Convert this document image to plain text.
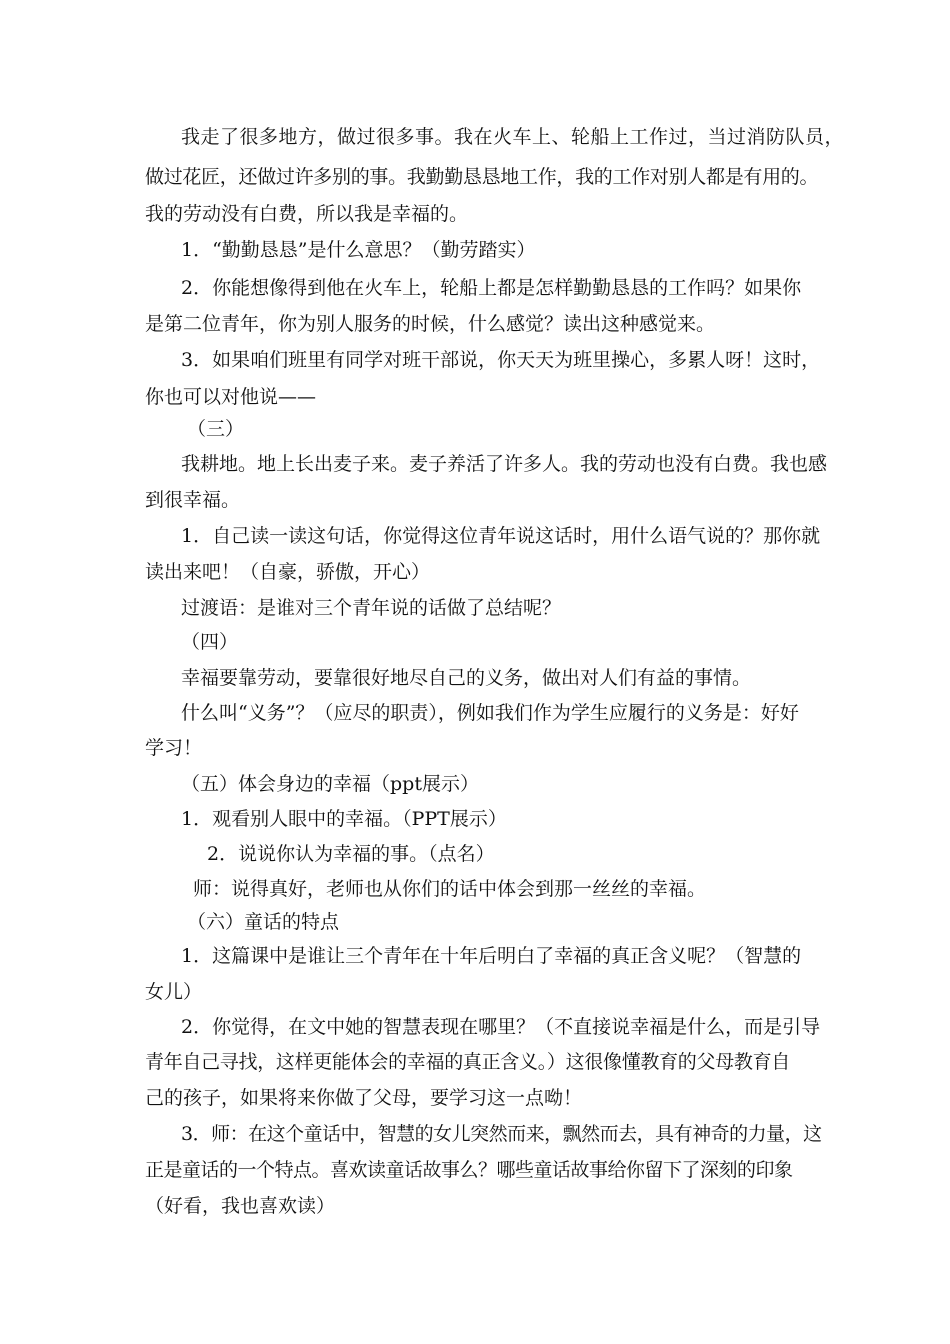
我走了很多地方，做过很多事。我在火车上、轮船上工作过，当过消防队员，
做过花匠，还做过许多别的事。我勤勤恳恳地工作，我的工作对别人都是有用的。
我的劳动没有白费，所以我是幸福的。
1．“勤勤恳恳”是什么意思？（勤劳踏实）
2．你能想像得到他在火车上，轮船上都是怎样勤勤恳恳的工作吗？如果你
是第二位青年，你为别人服务的时候，什么感觉？读出这种感觉来。
3．如果咱们班里有同学对班干部说，你天天为班里操心，多累人呀！这时，
你也可以对他说——
（三）
我耕地。地上长出麦子来。麦子养活了许多人。我的劳动也没有白费。我也感
到很幸福。
1．自己读一读这句话，你觉得这位青年说这话时，用什么语气说的？那你就
读出来吧！（自豪，骄傲，开心）
过渡语：是谁对三个青年说的话做了总结呢？
（四）
幸福要靠劳动，要靠很好地尽自己的义务，做出对人们有益的事情。
什么叫“义务”？（应尽的职责），例如我们作为学生应履行的义务是：好好
学习！
（五）体会身边的幸福（ppt展示）
1．观看别人眼中的幸福。（PPT展示）
2．说说你认为幸福的事。（点名）
师：说得真好，老师也从你们的话中体会到那一丝丝的幸福。
（六）童话的特点
1．这篇课中是谁让三个青年在十年后明白了幸福的真正含义呢？（智慧的
女儿）
2．你觉得，在文中她的智慧表现在哪里？（不直接说幸福是什么，而是引导
青年自己寻找，这样更能体会的幸福的真正含义。）这很像懂教育的父母教育自
己的孩子，如果将来你做了父母，要学习这一点呦！
3．师：在这个童话中，智慧的女儿突然而来，飘然而去，具有神奇的力量，这
正是童话的一个特点。喜欢读童话故事么？哪些童话故事给你留下了深刻的印象
（好看，我也喜欢读）
